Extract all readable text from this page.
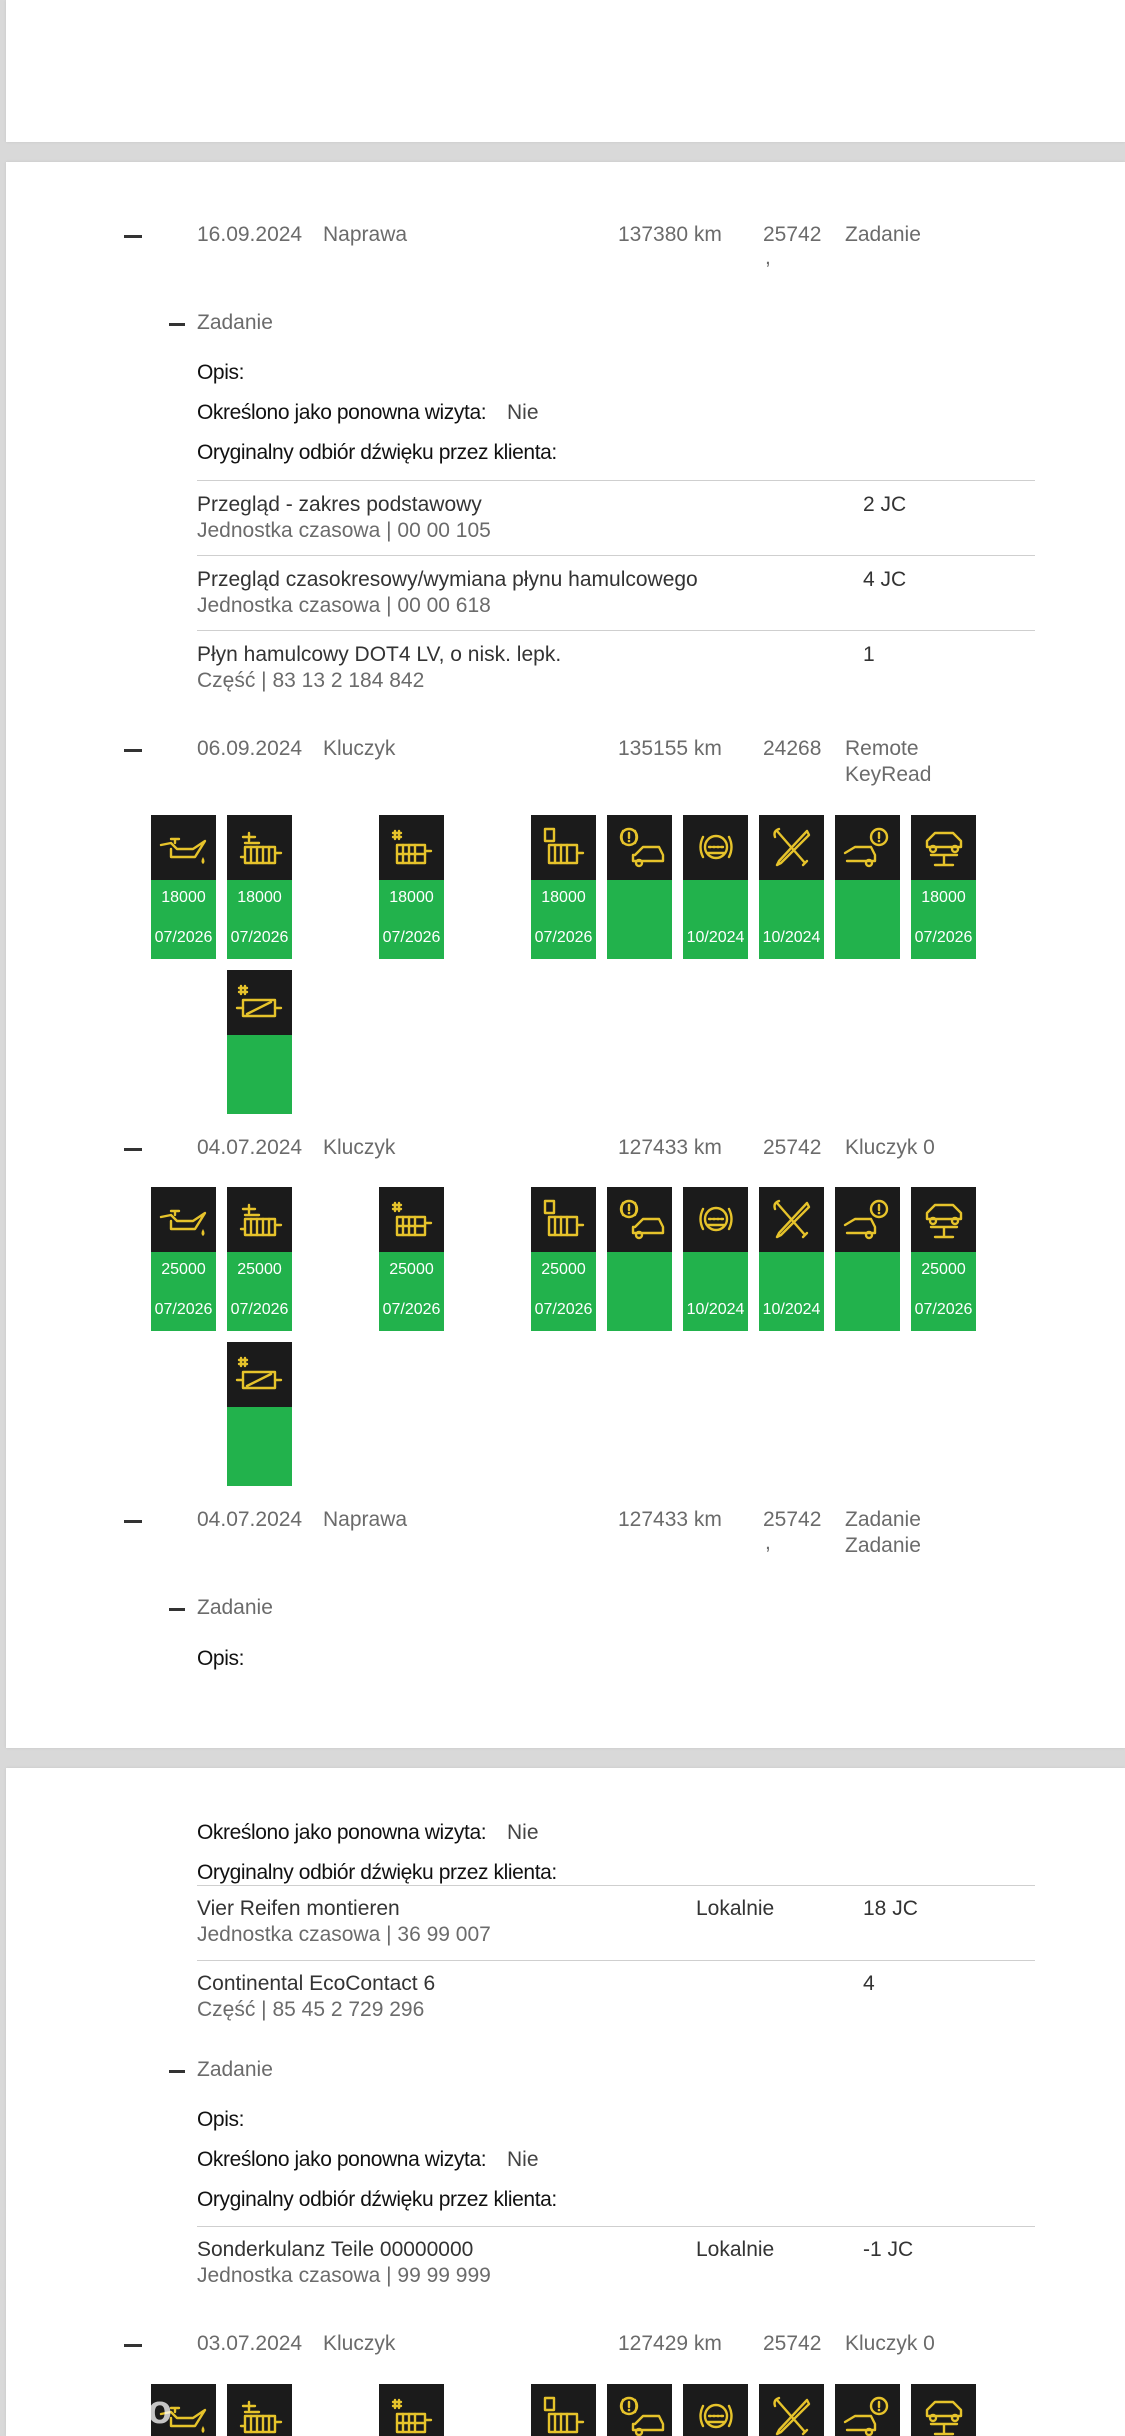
16.09.2024 Naprawa	137380 km 25742
,
Zadanie
Zadanie
Opis:
Określono jako ponowna wizyta: Nie
Oryginalny odbiór dźwięku przez klienta:
Przegląd - zakres podstawowy
Jednostka czasowa | 00 00 105
2 JC
Przegląd czasokresowy/wymiana płynu hamulcowego
Jednostka czasowa | 00 00 618
4 JC
Płyn hamulcowy DOT4 LV, o nisk. lepk.
Część | 83 13 2 184 842
1
06.09.2024 Kluczyk	135155 km 24268 Remote
KeyRead
18000
07/2026
18000
07/2026
18000
07/2026
18000
07/2026	10/2024 10/2024
18000
07/2026
04.07.2024 Kluczyk	127433 km 25742 Kluczyk 0
25000
07/2026
25000
07/2026
25000
07/2026
25000
07/2026	10/2024 10/2024
25000
07/2026
04.07.2024 Naprawa	127433 km 25742
,
Zadanie
Zadanie
Zadanie
Opis:
Określono jako ponowna wizyta: Nie
Oryginalny odbiór dźwięku przez klienta:
Vier Reifen montieren
Jednostka czasowa | 36 99 007
Lokalnie	18 JC
Continental EcoContact 6
Część | 85 45 2 729 296
4
Zadanie
Opis:
Określono jako ponowna wizyta: Nie
Oryginalny odbiór dźwięku przez klienta:
Sonderkulanz Teile 00000000
Jednostka czasowa | 99 99 999
Lokalnie	-1 JC
03.07.2024 Kluczyk	127429 km 25742 Kluczyk 0
otomoto
